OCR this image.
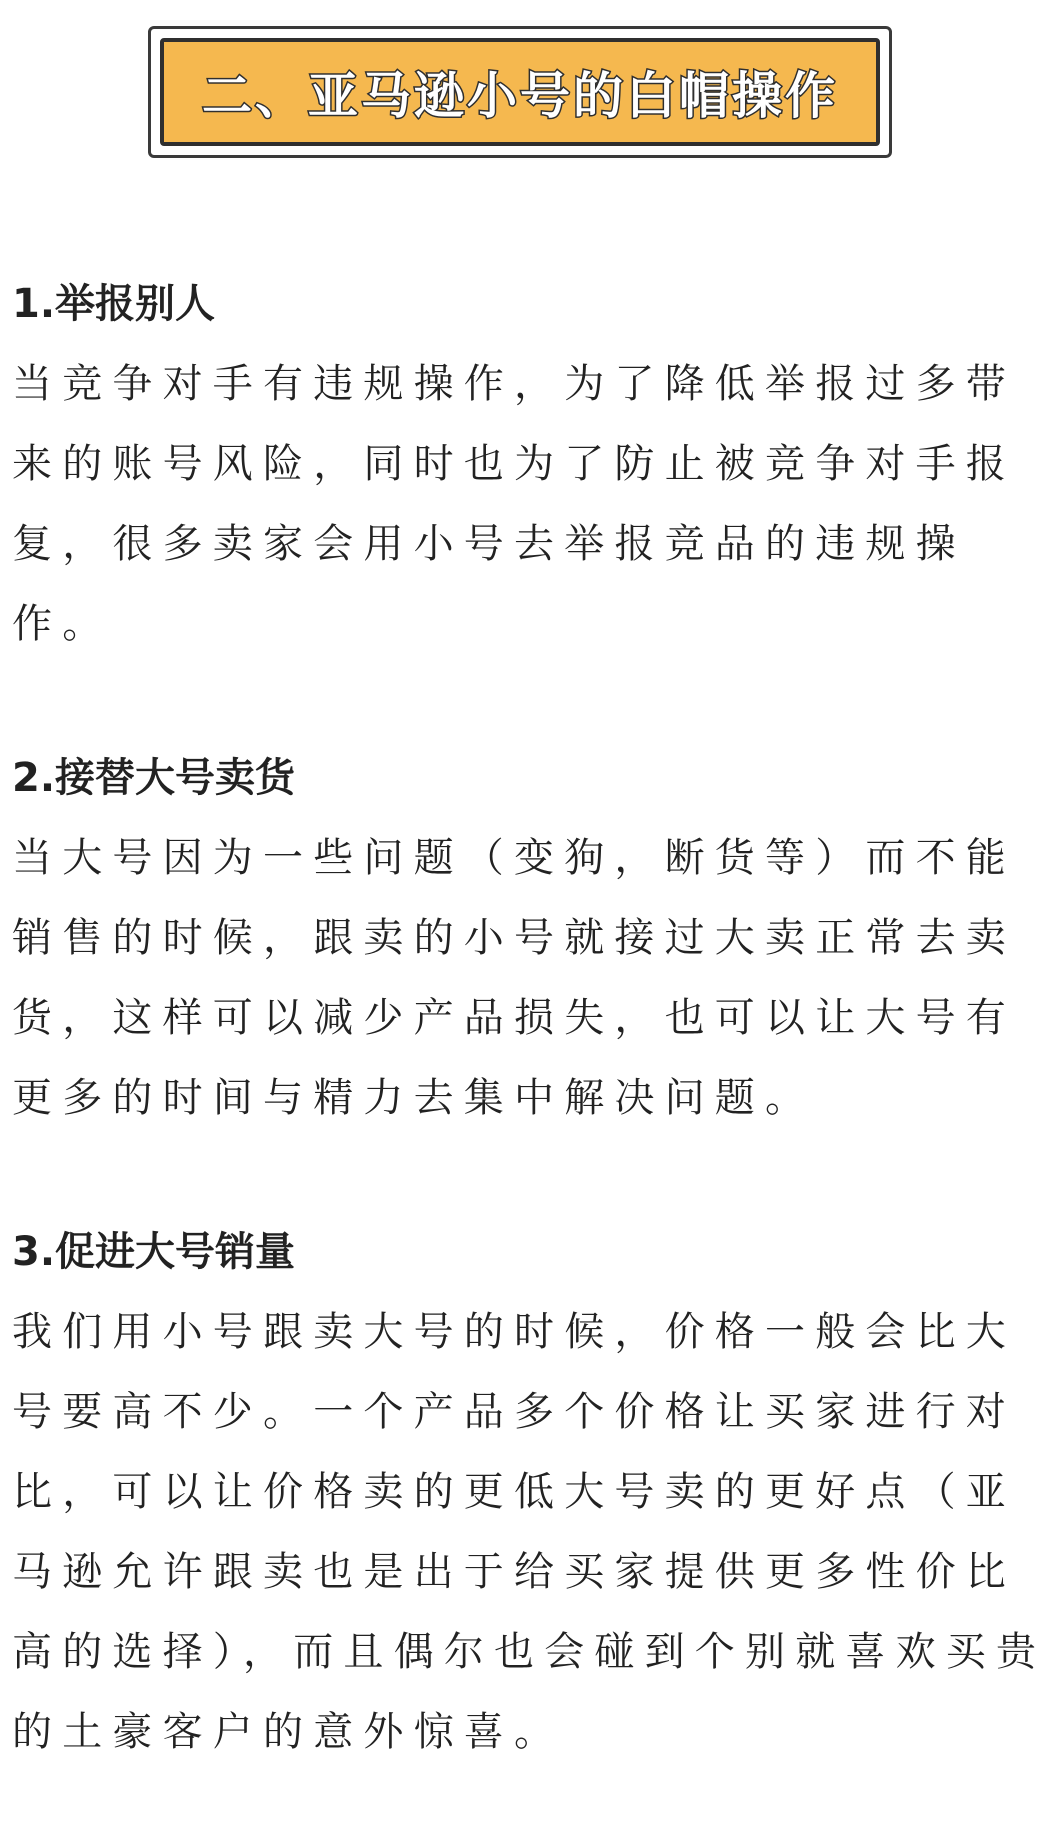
二、亚马逊小号的白帽操作

1.举报别人

当竞争对手有违规操作，为了降低举报过多带来的账号风险，同时也为了防止被竞争对手报复，很多卖家会用小号去举报竞品的违规操作。

2.接替大号卖货

当大号因为一些问题（变狗，断货等）而不能销售的时候，跟卖的小号就接过大卖正常去卖货，这样可以减少产品损失，也可以让大号有更多的时间与精力去集中解决问题。

3.促进大号销量

我们用小号跟卖大号的时候，价格一般会比大号要高不少。一个产品多个价格让买家进行对比，可以让价格卖的更低大号卖的更好点（亚马逊允许跟卖也是出于给买家提供更多性价比高的选择），而且偶尔也会碰到个别就喜欢买贵的土豪客户的意外惊喜。
